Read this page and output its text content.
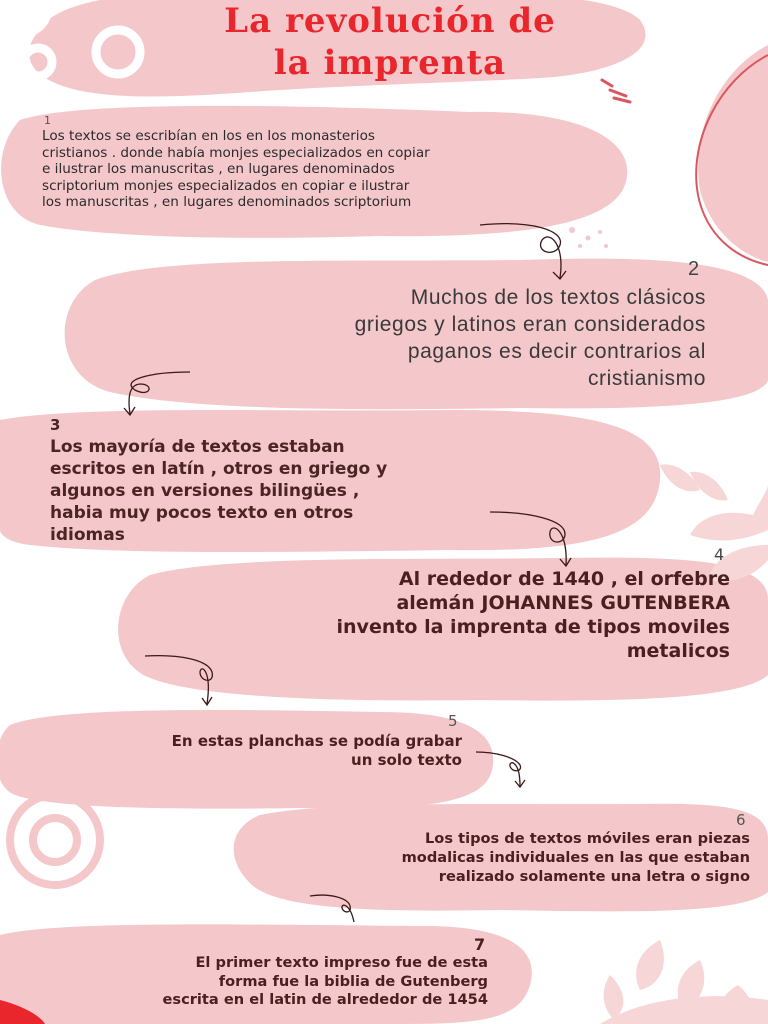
La revolución de
la imprenta
1
Los textos se escribían en los en los monasterios
cristianos . donde había monjes especializados en copiar
e ilustrar los manuscritas , en lugares denominados
scriptorium monjes especializados en copiar e ilustrar
los manuscritas , en lugares denominados scriptorium
2
Muchos de los textos clásicos
griegos y latinos eran considerados
paganos es decir contrarios al
cristianismo
3
Los mayoría de textos estaban
escritos en latín , otros en griego y
algunos en versiones bilingües ,
habia muy pocos texto en otros
idiomas
4
Al rededor de 1440 , el orfebre
alemán JOHANNES GUTENBERA
invento la imprenta de tipos moviles
metalicos
5
En estas planchas se podía grabar
un solo texto
6
Los tipos de textos móviles eran piezas
modalicas individuales en las que estaban
realizado solamente una letra o signo
7
El primer texto impreso fue de esta
forma fue la biblia de Gutenberg
escrita en el latin de alrededor de 1454
